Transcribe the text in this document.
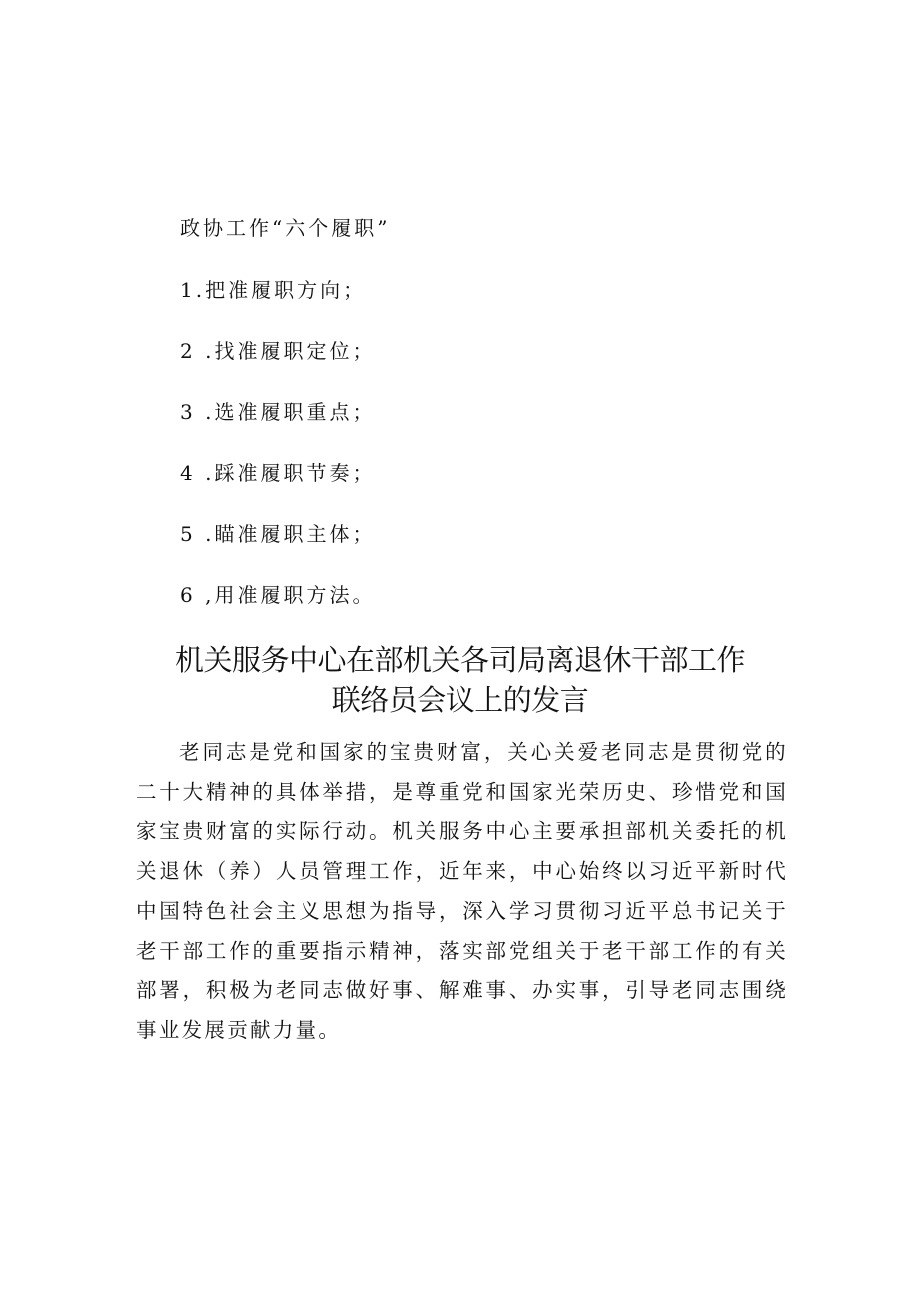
政协工作“六个履职”
1.把准履职方向；
2 .找准履职定位；
3 .选准履职重点；
4 .踩准履职节奏；
5 .瞄准履职主体；
6 ,用准履职方法。
机关服务中心在部机关各司局离退休干部工作
联络员会议上的发言

老同志是党和国家的宝贵财富，关心关爱老同志是贯彻党的二十大精神的具体举措，是尊重党和国家光荣历史、珍惜党和国家宝贵财富的实际行动。机关服务中心主要承担部机关委托的机关退休（养）人员管理工作，近年来，中心始终以习近平新时代中国特色社会主义思想为指导，深入学习贯彻习近平总书记关于老干部工作的重要指示精神，落实部党组关于老干部工作的有关部署，积极为老同志做好事、解难事、办实事，引导老同志围绕事业发展贡献力量。
